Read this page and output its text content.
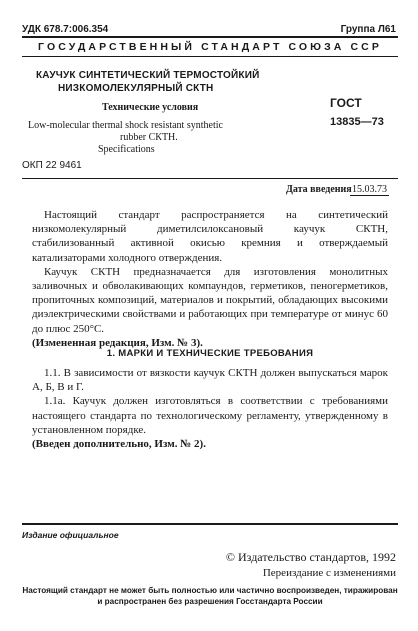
УДК 678.7:006.354	Группа Л61
ГОСУДАРСТВЕННЫЙ СТАНДАРТ СОЮЗА ССР
КАУЧУК СИНТЕТИЧЕСКИЙ ТЕРМОСТОЙКИЙ
НИЗКОМОЛЕКУЛЯРНЫЙ СКТН
Технические условия
Low-molecular thermal shock resistant synthetic
rubber СКТН.
Specifications
ОКП 22 9461
ГОСТ
13835—73
Дата введения 15.03.73

Настоящий стандарт распространяется на синтетический низкомолекулярный диметилсилоксановый каучук СКТН, стабилизованный активной окисью кремния и отверждаемый катализаторами холодного отверждения.

Каучук СКТН предназначается для изготовления монолитных заливочных и обволакивающих компаундов, герметиков, пеногерметиков, пропиточных композиций, материалов и покрытий, обладающих высокими диэлектрическими свойствами и работающих при температуре от минус 60 до плюс 250°С.

(Измененная редакция, Изм. № 3).

1. МАРКИ И ТЕХНИЧЕСКИЕ ТРЕБОВАНИЯ

1.1. В зависимости от вязкости каучук СКТН должен выпускаться марок А, Б, В и Г.

1.1а. Каучук должен изготовляться в соответствии с требованиями настоящего стандарта по технологическому регламенту, утвержденному в установленном порядке.

(Введен дополнительно, Изм. № 2).

Издание официальное
© Издательство стандартов, 1992
Переиздание с изменениями
Настоящий стандарт не может быть полностью или частично воспроизведен, тиражирован и распространен без разрешения Госстандарта России
